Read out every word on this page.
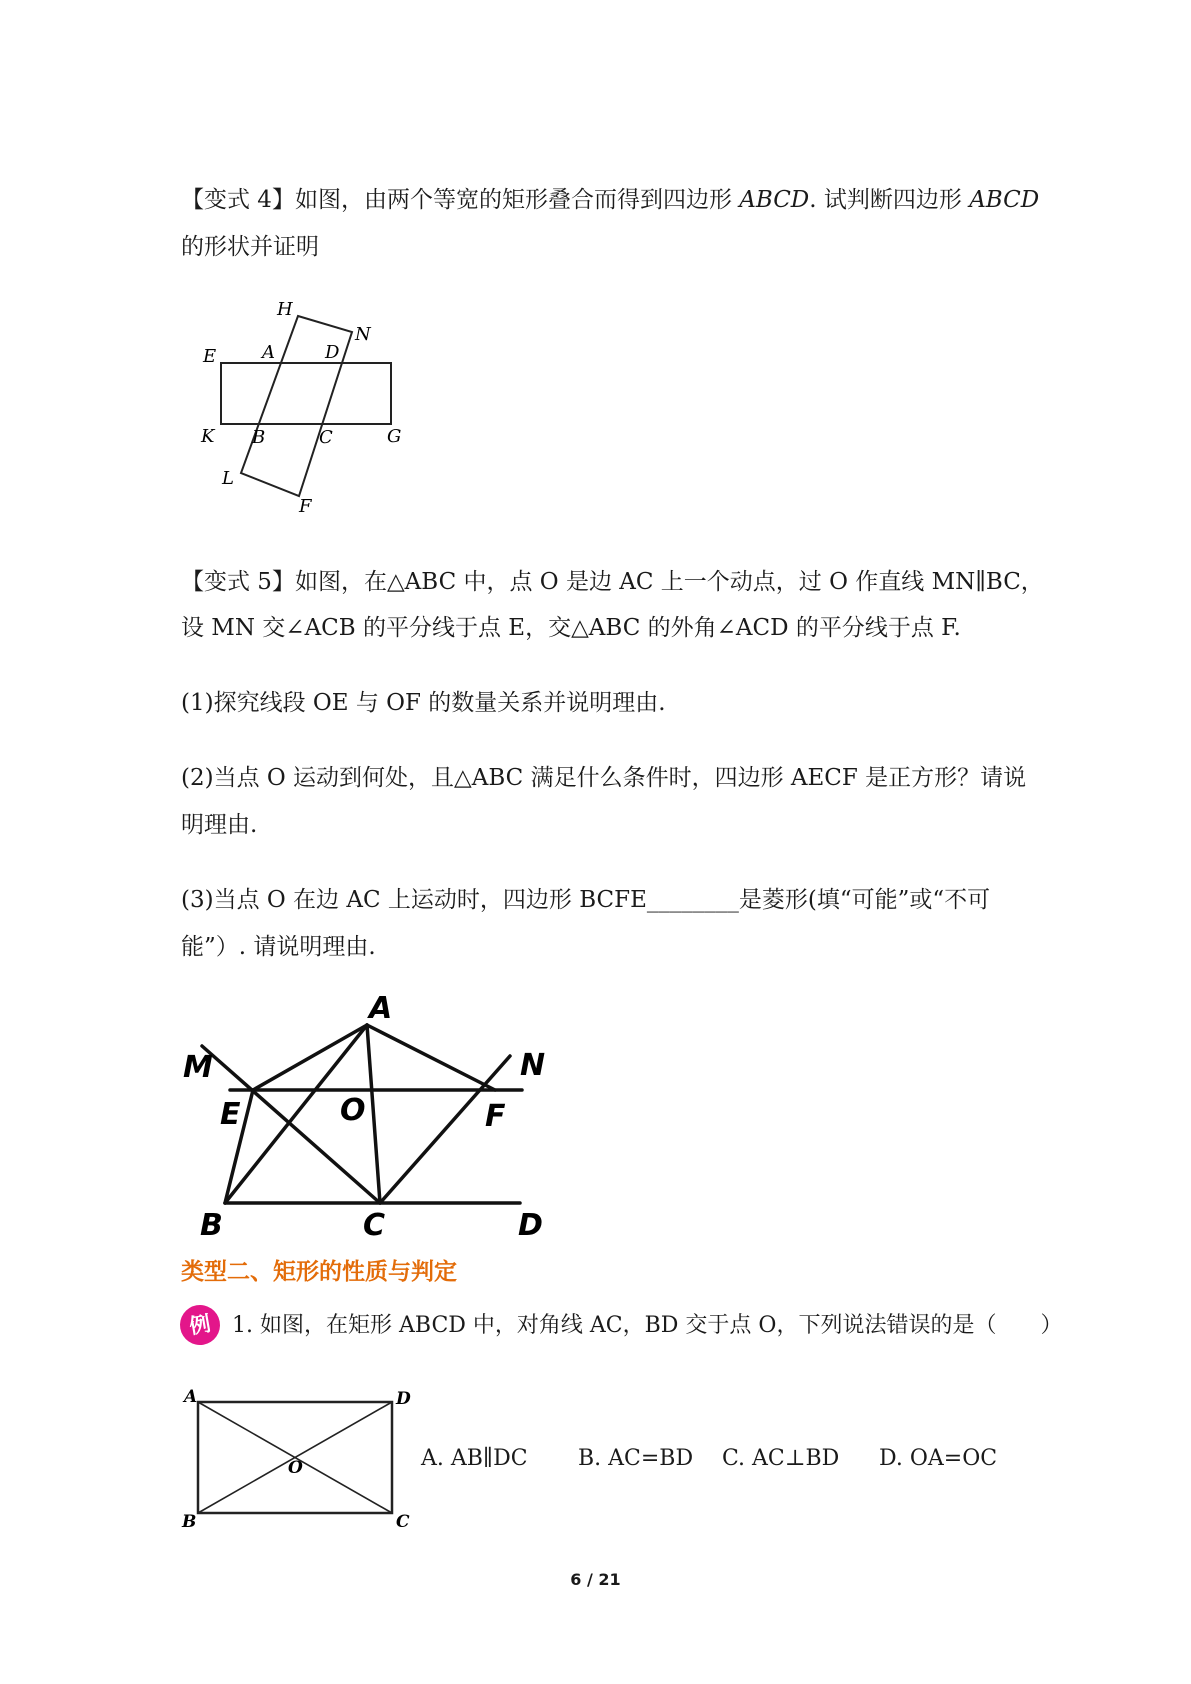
【变式 4】如图，由两个等宽的矩形叠合而得到四边形 ABCD. 试判断四边形 ABCD
的形状并证明
H
N
E	A	D
K B	C	G
L
F
【变式 5】如图，在△ABC 中，点 O 是边 AC 上一个动点，过 O 作直线 MN∥BC，
设 MN 交∠ACB 的平分线于点 E，交△ABC 的外角∠ACD 的平分线于点 F.
(1)探究线段 OE 与 OF 的数量关系并说明理由.
(2)当点 O 运动到何处，且△ABC 满足什么条件时，四边形 AECF 是正方形？请说
明理由.
(3)当点 O 在边 AC 上运动时，四边形 BCFE________是菱形(填“可能”或“不可
能”）. 请说明理由.
A
M	N
E	O	F
B	C	D
类型二、矩形的性质与判定
例 1. 如图，在矩形 ABCD 中，对角线 AC，BD 交于点 O，下列说法错误的是（　　）
A	D
O
B	C
A. AB∥DC B. AC=BD C. AC⊥BD D. OA=OC
6 / 21
